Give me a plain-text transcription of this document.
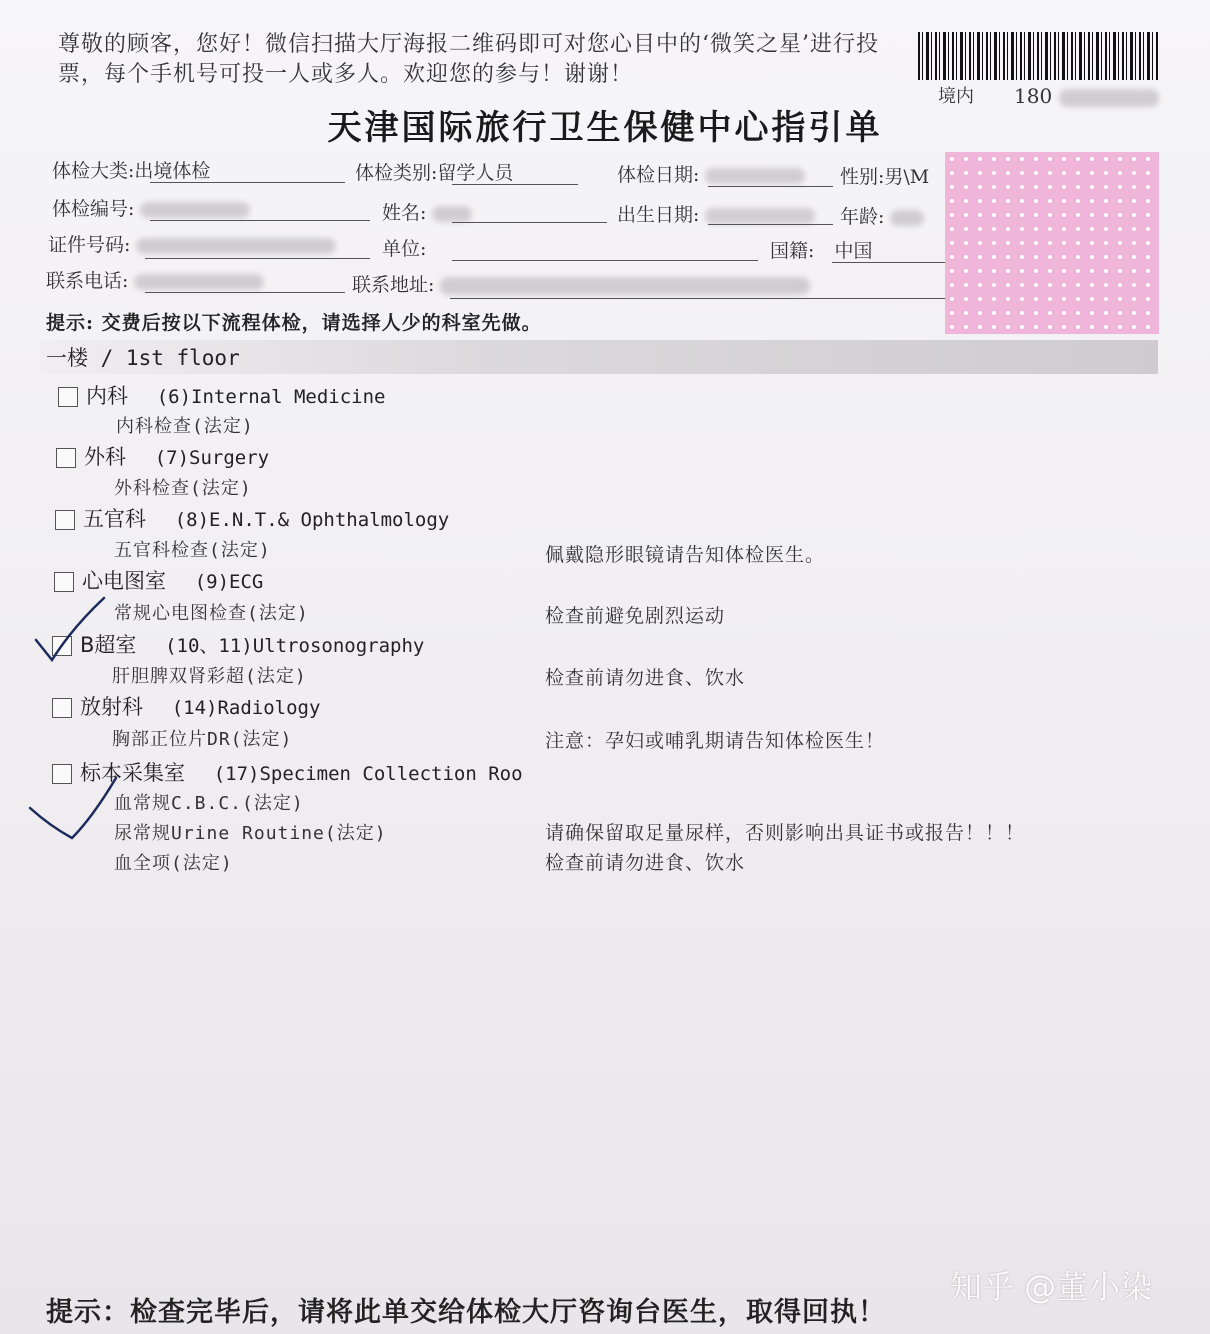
尊敬的顾客，您好！微信扫描大厅海报二维码即可对您心目中的‘微笑之星’进行投票，每个手机号可投一人或多人。欢迎您的参与！谢谢！
境内 180
天津国际旅行卫生保健中心指引单
体检大类:出境体检	体检类别:留学人员	体检日期:	性别:男\M
体检编号:	姓名:	出生日期:	年龄:
证件号码:	单位:	国籍: 中国
联系电话:	联系地址:
提示: 交费后按以下流程体检，请选择人少的科室先做。
一楼 / 1st floor
内科 (6)Internal Medicine
内科检查(法定)
外科 (7)Surgery
外科检查(法定)
五官科 (8)E.N.T.& Ophthalmology
五官科检查(法定)	佩戴隐形眼镜请告知体检医生。
心电图室 (9)ECG
常规心电图检查(法定)	检查前避免剧烈运动
B超室 (10、11)Ultrosonography
肝胆脾双肾彩超(法定)	检查前请勿进食、饮水
放射科 (14)Radiology
胸部正位片DR(法定)	注意：孕妇或哺乳期请告知体检医生！
标本采集室 (17)Specimen Collection Roo
血常规C.B.C.(法定)
尿常规Urine Routine(法定)	请确保留取足量尿样，否则影响出具证书或报告！！！
血全项(法定)	检查前请勿进食、饮水
提示：检查完毕后，请将此单交给体检大厅咨询台医生，取得回执！
知乎 @董小染
